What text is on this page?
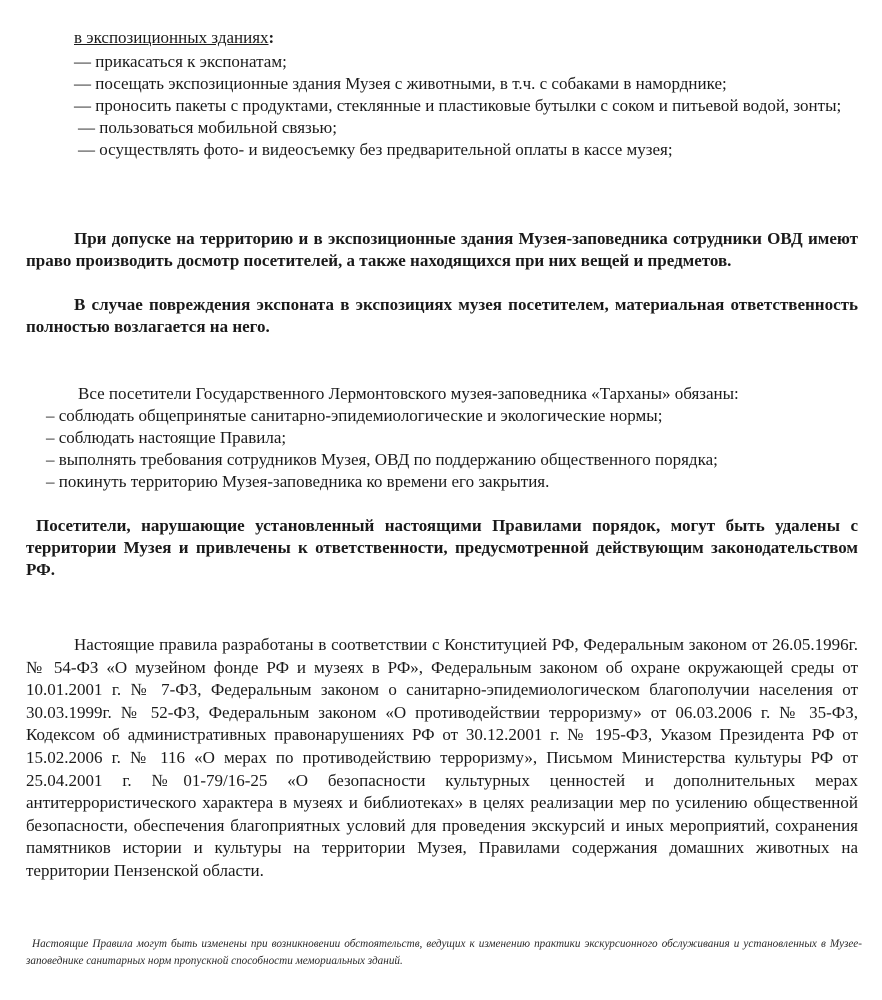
в экспозиционных зданиях:

— прикасаться к экспонатам;

— посещать экспозиционные здания Музея с животными, в т.ч. с собаками в наморднике;

— проносить пакеты с продуктами, стеклянные и пластиковые бутылки с соком и питьевой водой, зонты;

— пользоваться мобильной связью;

— осуществлять фото- и видеосъемку без предварительной оплаты в кассе музея;

При допуске на территорию и в экспозиционные здания Музея-заповедника сотрудники ОВД имеют право производить досмотр посетителей, а также находящихся при них вещей и предметов.

В случае повреждения экспоната в экспозициях музея посетителем, материальная ответственность полностью возлагается на него.

Все посетители Государственного Лермонтовского музея-заповедника «Тарханы» обязаны:

– соблюдать общепринятые санитарно-эпидемиологические и экологические нормы;

– соблюдать настоящие Правила;

– выполнять требования сотрудников Музея, ОВД по поддержанию общественного порядка;

– покинуть территорию Музея-заповедника ко времени его закрытия.

Посетители, нарушающие установленный настоящими Правилами порядок, могут быть удалены с территории Музея и привлечены к ответственности, предусмотренной действующим законодательством РФ.

Настоящие правила разработаны в соответствии с Конституцией РФ, Федеральным законом от 26.05.1996г. № 54-ФЗ «О музейном фонде РФ и музеях в РФ», Федеральным законом об охране окружающей среды от 10.01.2001 г. № 7-ФЗ, Федеральным законом о санитарно-эпидемиологическом благополучии населения от 30.03.1999г. № 52-ФЗ, Федеральным законом «О противодействии терроризму» от 06.03.2006 г. № 35-ФЗ, Кодексом об административных правонарушениях РФ от 30.12.2001 г. № 195-ФЗ, Указом Президента РФ от 15.02.2006 г. № 116 «О мерах по противодействию терроризму», Письмом Министерства культуры РФ от 25.04.2001 г. №01-79/16-25 «О безопасности культурных ценностей и дополнительных мерах антитеррористического характера в музеях и библиотеках» в целях реализации мер по усилению общественной безопасности, обеспечения благоприятных условий для проведения экскурсий и иных мероприятий, сохранения памятников истории и культуры на территории Музея, Правилами содержания домашних животных на территории Пензенской области.

Настоящие Правила могут быть изменены при возникновении обстоятельств, ведущих к изменению практики экскурсионного обслуживания и установленных в Музее-заповеднике санитарных норм пропускной способности мемориальных зданий.
